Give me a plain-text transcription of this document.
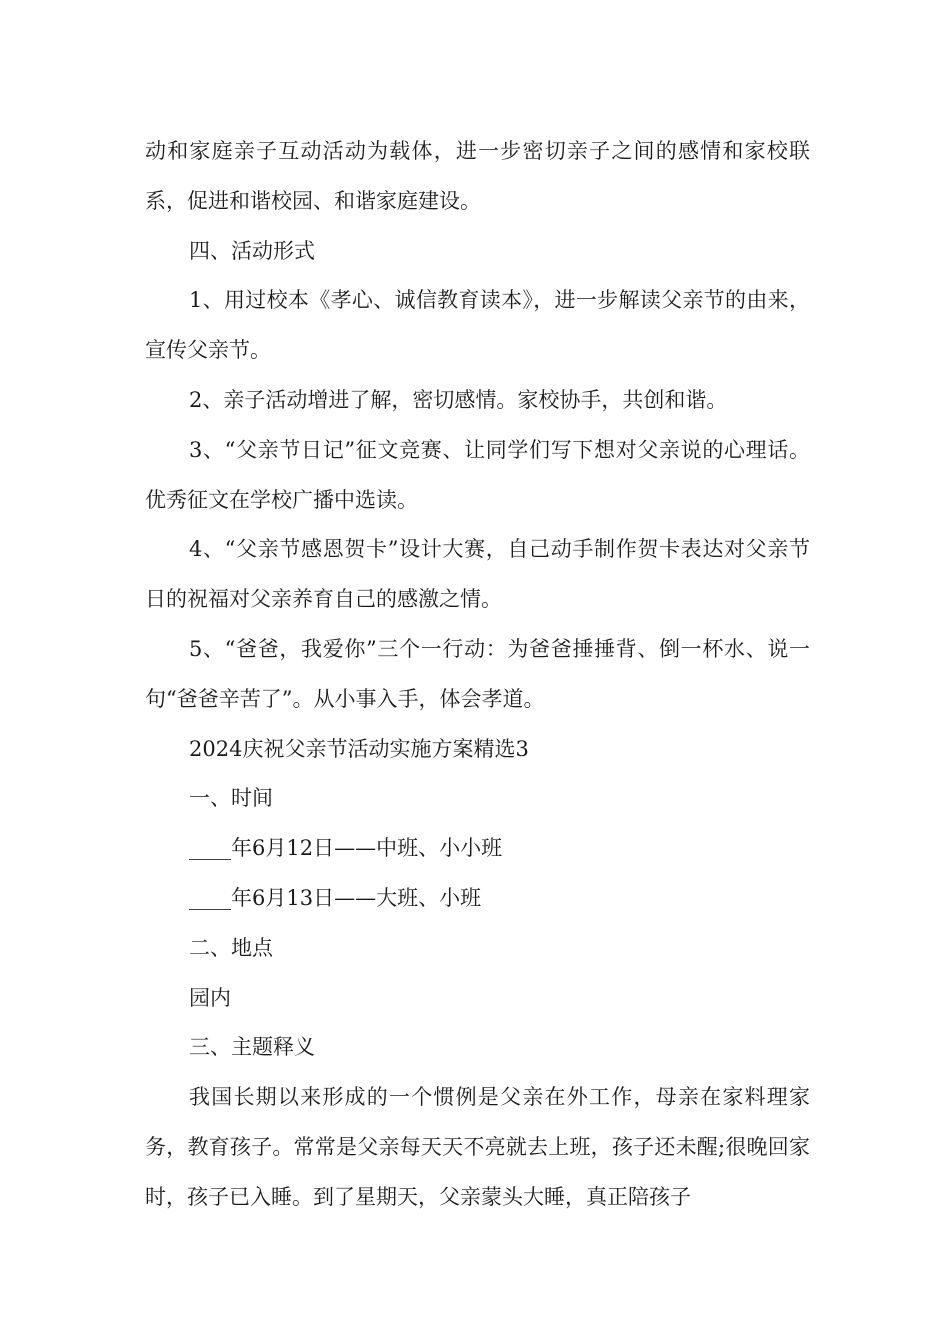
动和家庭亲子互动活动为载体，进一步密切亲子之间的感情和家校联系，促进和谐校园、和谐家庭建设。

四、活动形式

1、用过校本《孝心、诚信教育读本》，进一步解读父亲节的由来，宣传父亲节。

2、亲子活动增进了解，密切感情。家校协手，共创和谐。

3、“父亲节日记”征文竞赛、让同学们写下想对父亲说的心理话。优秀征文在学校广播中选读。

4、“父亲节感恩贺卡”设计大赛，自己动手制作贺卡表达对父亲节日的祝福对父亲养育自己的感激之情。

5、“爸爸，我爱你”三个一行动：为爸爸捶捶背、倒一杯水、说一句“爸爸辛苦了”。从小事入手，体会孝道。

2024庆祝父亲节活动实施方案精选3

一、时间

____年6月12日——中班、小小班

____年6月13日——大班、小班

二、地点

园内

三、主题释义

我国长期以来形成的一个惯例是父亲在外工作，母亲在家料理家务，教育孩子。常常是父亲每天天不亮就去上班，孩子还未醒;很晚回家时，孩子已入睡。到了星期天，父亲蒙头大睡，真正陪孩子
